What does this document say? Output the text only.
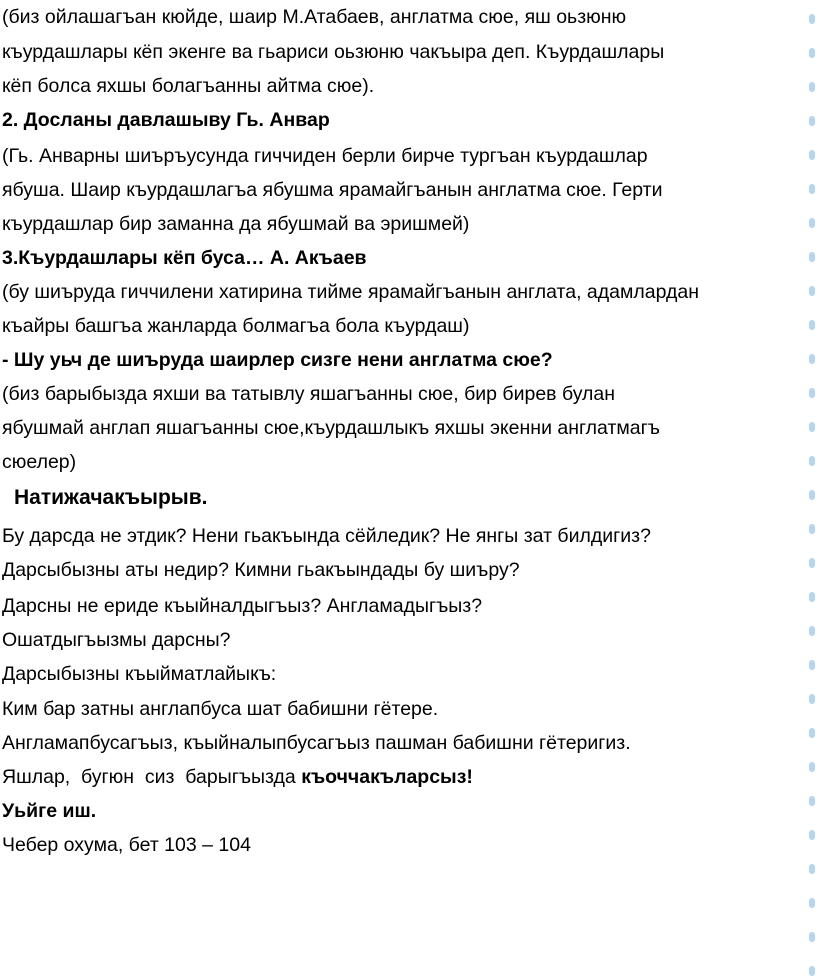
(биз ойлашагъан кюйде, шаир М.Атабаев, англатма сюе, яш оьзюню
къурдашлары кёп экенге ва гьариси оьзюню чакъыра деп. Къурдашлары
кёп болса яхшы болагъанны айтма сюе).
2. Досланы давлашыву Гь. Анвар
(Гь. Анварны шиъръусунда гиччиден берли бирче тургъан къурдашлар
ябуша. Шаир къурдашлагъа ябушма ярамайгъанын англатма сюе. Герти
къурдашлар бир заманна да ябушмай ва эришмей)
3.Къурдашлары кёп буса… А. Акъаев
(бу шиъруда гиччилени хатирина тийме ярамайгъанын англата, адамлардан
къайры башгъа жанларда болмагъа бола къурдаш)
- Шу уьч де шиъруда шаирлер сизге нени англатма сюе?
(биз барыбызда яхши ва татывлу яшагъанны сюе, бир бирев булан
ябушмай англап яшагъанны сюе,къурдашлыкъ яхшы экенни англатмагъ
сюелер)
Натижачакъырыв.
Бу дарсда не этдик? Нени гьакъында сёйледик? Не янгы зат билдигиз?
Дарсыбызны аты недир? Кимни гьакъындады бу шиъру?
Дарсны не ериде къыйналдыгъыз? Англамадыгъыз?
Ошатдыгъызмы дарсны?
Дарсыбызны къыйматлайыкъ:
Ким бар затны англапбуса шат бабишни гётере.
Англамапбусагъыз, къыйналыпбусагъыз пашман бабишни гётеригиз.
Яшлар,  бугюн  сиз  барыгъызда къоччакъларсыз!
Уьйге иш.
Чебер охума, бет 103 – 104
